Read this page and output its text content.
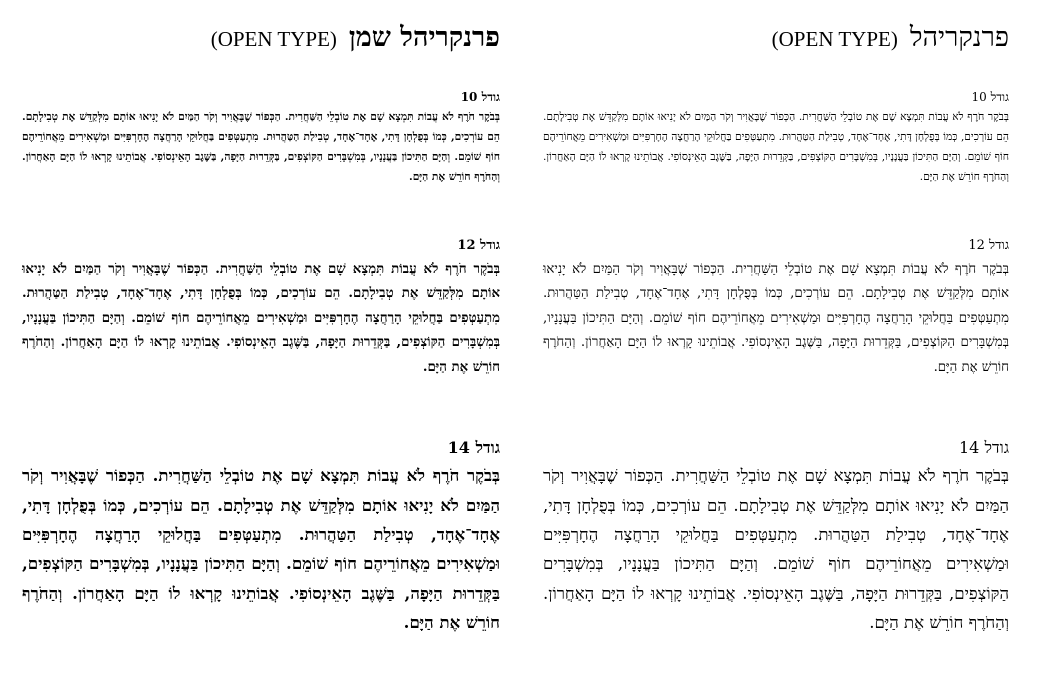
פרנקריהל(OPEN TYPE)
גודל 10

בְּבֹקֶר חֹרֶף לֹא עֲבוֹת תִּמְצָא שָׁם אֶת טוֹבְלֵי הַשַּׁחֲרִית. הַכְּפוֹר שֶׁבָּאֲוִיר וְקֹר הַמַּיִם לֹא יָנִיאוּ אוֹתָם מִלְּקַדֵּשׁ אֶת טְבִילָתָם. הֵם עוֹרְכִים, כְּמוֹ בְּפֻלְחָן דָּתִי, אֶחָד־אֶחָד, טְבִילַת הַטַּהֲרוּת. מִתְעַטְּפִים בַּחֲלוּקֵי הָרַחֲצָה הֶחָרְפִּיִּים וּמַשְׁאִירִים מֵאֲחוֹרֵיהֶם חוֹף שׁוֹמֵם. וְהַיָּם הַתִּיכוֹן בַּעֲנָנָיו, בְּמִשְׁבָּרִים הַקּוֹצְפִים, בַּקְּדֵרוּת הַיָּפָה, בַּשֶּׁגֶב הָאֵינְסוֹפִי. אֲבוֹתֵינוּ קָרְאוּ לוֹ הַיָּם הָאַחֲרוֹן. וְהַחֹרֶף חוֹרֵשׁ אֶת הַיָּם.

גודל 12

בְּבֹקֶר חֹרֶף לֹא עֲבוֹת תִּמְצָא שָׁם אֶת טוֹבְלֵי הַשַּׁחֲרִית. הַכְּפוֹר שֶׁבָּאֲוִיר וְקֹר הַמַּיִם לֹא יָנִיאוּ אוֹתָם מִלְּקַדֵּשׁ אֶת טְבִילָתָם. הֵם עוֹרְכִים, כְּמוֹ בְּפֻלְחָן דָּתִי, אֶחָד־אֶחָד, טְבִילַת הַטַּהֲרוּת. מִתְעַטְּפִים בַּחֲלוּקֵי הָרַחֲצָה הֶחָרְפִּיִּים וּמַשְׁאִירִים מֵאֲחוֹרֵיהֶם חוֹף שׁוֹמֵם. וְהַיָּם הַתִּיכוֹן בַּעֲנָנָיו, בְּמִשְׁבָּרִים הַקּוֹצְפִים, בַּקְּדֵרוּת הַיָּפָה, בַּשֶּׁגֶב הָאֵינְסוֹפִי. אֲבוֹתֵינוּ קָרְאוּ לוֹ הַיָּם הָאַחֲרוֹן. וְהַחֹרֶף חוֹרֵשׁ אֶת הַיָּם.

גודל 14

בְּבֹקֶר חֹרֶף לֹא עֲבוֹת תִּמְצָא שָׁם אֶת טוֹבְלֵי הַשַּׁחֲרִית. הַכְּפוֹר שֶׁבָּאֲוִיר וְקֹר הַמַּיִם לֹא יָנִיאוּ אוֹתָם מִלְּקַדֵּשׁ אֶת טְבִילָתָם. הֵם עוֹרְכִים, כְּמוֹ בְּפֻלְחָן דָּתִי, אֶחָד־אֶחָד, טְבִילַת הַטַּהֲרוּת. מִתְעַטְּפִים בַּחֲלוּקֵי הָרַחֲצָה הֶחָרְפִּיִּים וּמַשְׁאִירִים מֵאֲחוֹרֵיהֶם חוֹף שׁוֹמֵם. וְהַיָּם הַתִּיכוֹן בַּעֲנָנָיו, בְּמִשְׁבָּרִים הַקּוֹצְפִים, בַּקְּדֵרוּת הַיָּפָה, בַּשֶּׁגֶב הָאֵינְסוֹפִי. אֲבוֹתֵינוּ קָרְאוּ לוֹ הַיָּם הָאַחֲרוֹן. וְהַחֹרֶף חוֹרֵשׁ אֶת הַיָּם.

פרנקריהל שמן(OPEN TYPE)
גודל 10

בְּבֹקֶר חֹרֶף לֹא עֲבוֹת תִּמְצָא שָׁם אֶת טוֹבְלֵי הַשַּׁחֲרִית. הַכְּפוֹר שֶׁבָּאֲוִיר וְקֹר הַמַּיִם לֹא יָנִיאוּ אוֹתָם מִלְּקַדֵּשׁ אֶת טְבִילָתָם. הֵם עוֹרְכִים, כְּמוֹ בְּפֻלְחָן דָּתִי, אֶחָד־אֶחָד, טְבִילַת הַטַּהֲרוּת. מִתְעַטְּפִים בַּחֲלוּקֵי הָרַחֲצָה הֶחָרְפִּיִּים וּמַשְׁאִירִים מֵאֲחוֹרֵיהֶם חוֹף שׁוֹמֵם. וְהַיָּם הַתִּיכוֹן בַּעֲנָנָיו, בְּמִשְׁבָּרִים הַקּוֹצְפִים, בַּקְּדֵרוּת הַיָּפָה, בַּשֶּׁגֶב הָאֵינְסוֹפִי. אֲבוֹתֵינוּ קָרְאוּ לוֹ הַיָּם הָאַחֲרוֹן. וְהַחֹרֶף חוֹרֵשׁ אֶת הַיָּם.

גודל 12

בְּבֹקֶר חֹרֶף לֹא עֲבוֹת תִּמְצָא שָׁם אֶת טוֹבְלֵי הַשַּׁחֲרִית. הַכְּפוֹר שֶׁבָּאֲוִיר וְקֹר הַמַּיִם לֹא יָנִיאוּ אוֹתָם מִלְּקַדֵּשׁ אֶת טְבִילָתָם. הֵם עוֹרְכִים, כְּמוֹ בְּפֻלְחָן דָּתִי, אֶחָד־אֶחָד, טְבִילַת הַטַּהֲרוּת. מִתְעַטְּפִים בַּחֲלוּקֵי הָרַחֲצָה הֶחָרְפִּיִּים וּמַשְׁאִירִים מֵאֲחוֹרֵיהֶם חוֹף שׁוֹמֵם. וְהַיָּם הַתִּיכוֹן בַּעֲנָנָיו, בְּמִשְׁבָּרִים הַקּוֹצְפִים, בַּקְּדֵרוּת הַיָּפָה, בַּשֶּׁגֶב הָאֵינְסוֹפִי. אֲבוֹתֵינוּ קָרְאוּ לוֹ הַיָּם הָאַחֲרוֹן. וְהַחֹרֶף חוֹרֵשׁ אֶת הַיָּם.

גודל 14

בְּבֹקֶר חֹרֶף לֹא עֲבוֹת תִּמְצָא שָׁם אֶת טוֹבְלֵי הַשַּׁחֲרִית. הַכְּפוֹר שֶׁבָּאֲוִיר וְקֹר הַמַּיִם לֹא יָנִיאוּ אוֹתָם מִלְּקַדֵּשׁ אֶת טְבִילָתָם. הֵם עוֹרְכִים, כְּמוֹ בְּפֻלְחָן דָּתִי, אֶחָד־אֶחָד, טְבִילַת הַטַּהֲרוּת. מִתְעַטְּפִים בַּחֲלוּקֵי הָרַחֲצָה הֶחָרְפִּיִּים וּמַשְׁאִירִים מֵאֲחוֹרֵיהֶם חוֹף שׁוֹמֵם. וְהַיָּם הַתִּיכוֹן בַּעֲנָנָיו, בְּמִשְׁבָּרִים הַקּוֹצְפִים, בַּקְּדֵרוּת הַיָּפָה, בַּשֶּׁגֶב הָאֵינְסוֹפִי. אֲבוֹתֵינוּ קָרְאוּ לוֹ הַיָּם הָאַחֲרוֹן. וְהַחֹרֶף חוֹרֵשׁ אֶת הַיָּם.
